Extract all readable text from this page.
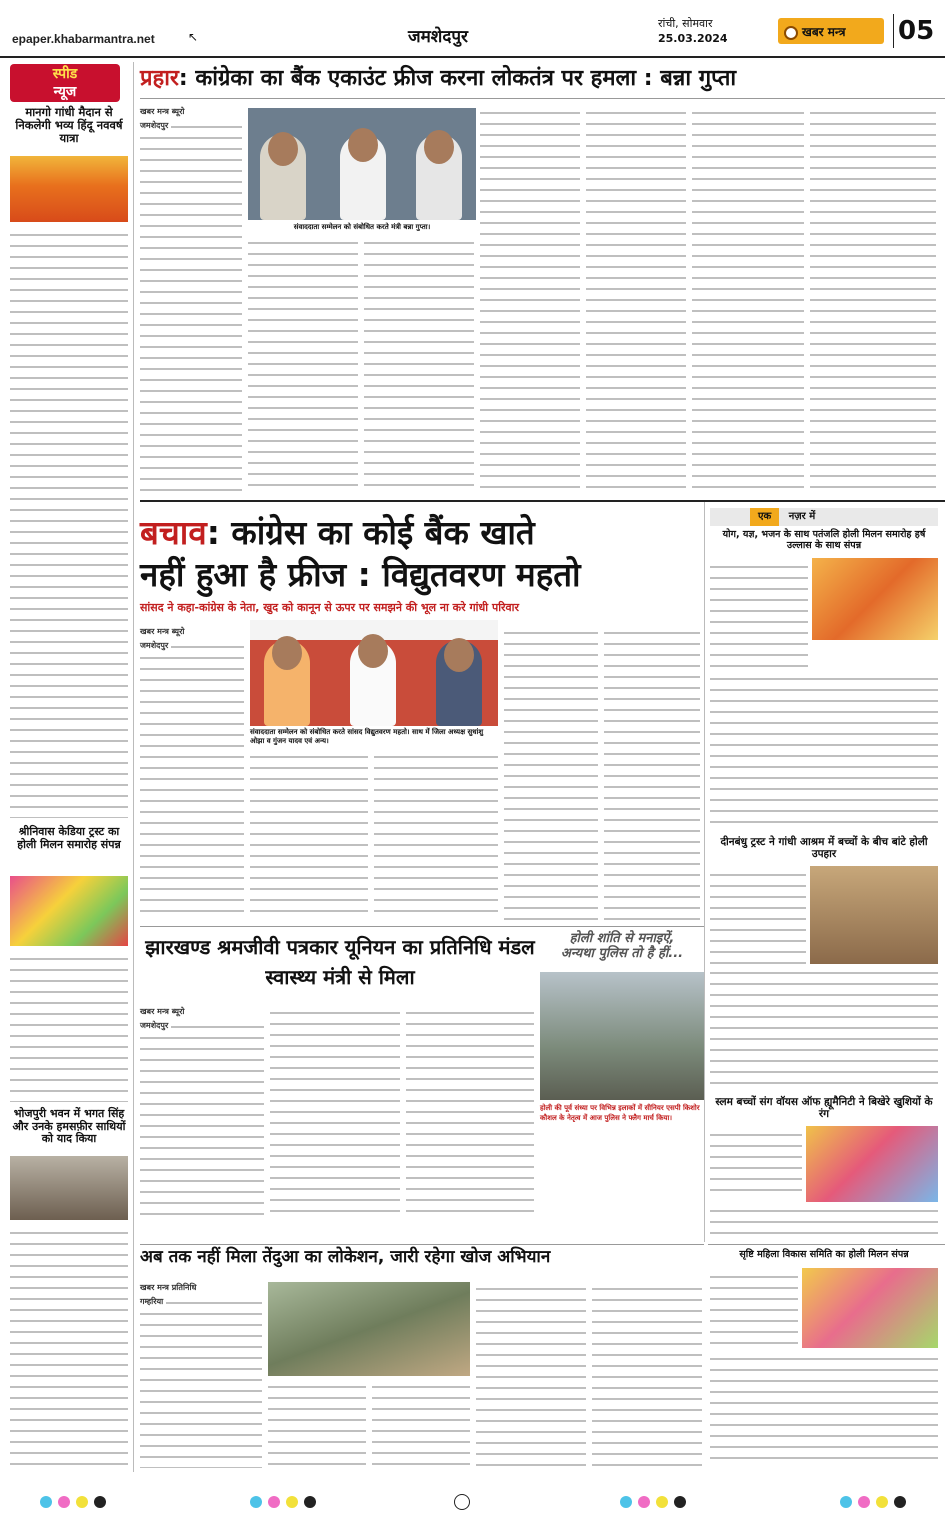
epaper.khabarmantra.net	↖	जमशेदपुर
रांची, सोमवार
25.03.2024	खबर मन्त्र	05
स्पीड
न्यूज
मानगो गांधी मैदान से निकलेगी भव्य हिंदू नववर्ष यात्रा
श्रीनिवास केडिया ट्रस्ट का होली मिलन समारोह संपन्न
भोजपुरी भवन में भगत सिंह और उनके हमसफ़ीर साथियों को याद किया
प्रहार: कांग्रेका का बैंक एकाउंट फ्रीज करना लोकतंत्र पर हमला : बन्ना गुप्ता
खबर मन्त्र ब्यूरो
जमशेदपुर
संवाददाता सम्मेलन को संबोधित करते मंत्री बन्ना गुप्ता।
बचाव: कांग्रेस का कोई बैंक खाते
नहीं हुआ है फ्रीज : विद्युतवरण महतो
सांसद ने कहा-कांग्रेस के नेता, खुद को कानून से ऊपर पर समझने की भूल ना करे गांधी परिवार
खबर मन्त्र ब्यूरो
जमशेदपुर
संवाददाता सम्मेलन को संबोधित करते सांसद विद्युतवरण महतो। साथ में जिला अध्यक्ष सुधांशु ओझा व गुंजन यादव एवं अन्य।
एक नज़र में
योग, यज्ञ, भजन के साथ पतंजलि होली मिलन समारोह हर्ष उल्लास के साथ संपन्न
दीनबंधु ट्रस्ट ने गांधी आश्रम में बच्चों के बीच बांटे होली उपहार
स्लम बच्चों संग वॉयस ऑफ ह्यूमैनिटी ने बिखेरे खुशियों के रंग
झारखण्ड श्रमजीवी पत्रकार यूनियन का प्रतिनिधि मंडल स्वास्थ्य मंत्री से मिला
खबर मन्त्र ब्यूरो
जमशेदपुर
होली शांति से मनाइऐं,
अन्यथा पुलिस तो है हीं...
होली की पूर्व संध्या पर विभिन्न इलाकों में सीनियर एसपी किशोर कौशल के नेतृत्व में आज पुलिस ने फ्लैग मार्च किया।
सृष्टि महिला विकास समिति का होली मिलन संपन्न
अब तक नहीं मिला तेंदुआ का लोकेशन, जारी रहेगा खोज अभियान
खबर मन्त्र प्रतिनिधि
गम्हरिया
